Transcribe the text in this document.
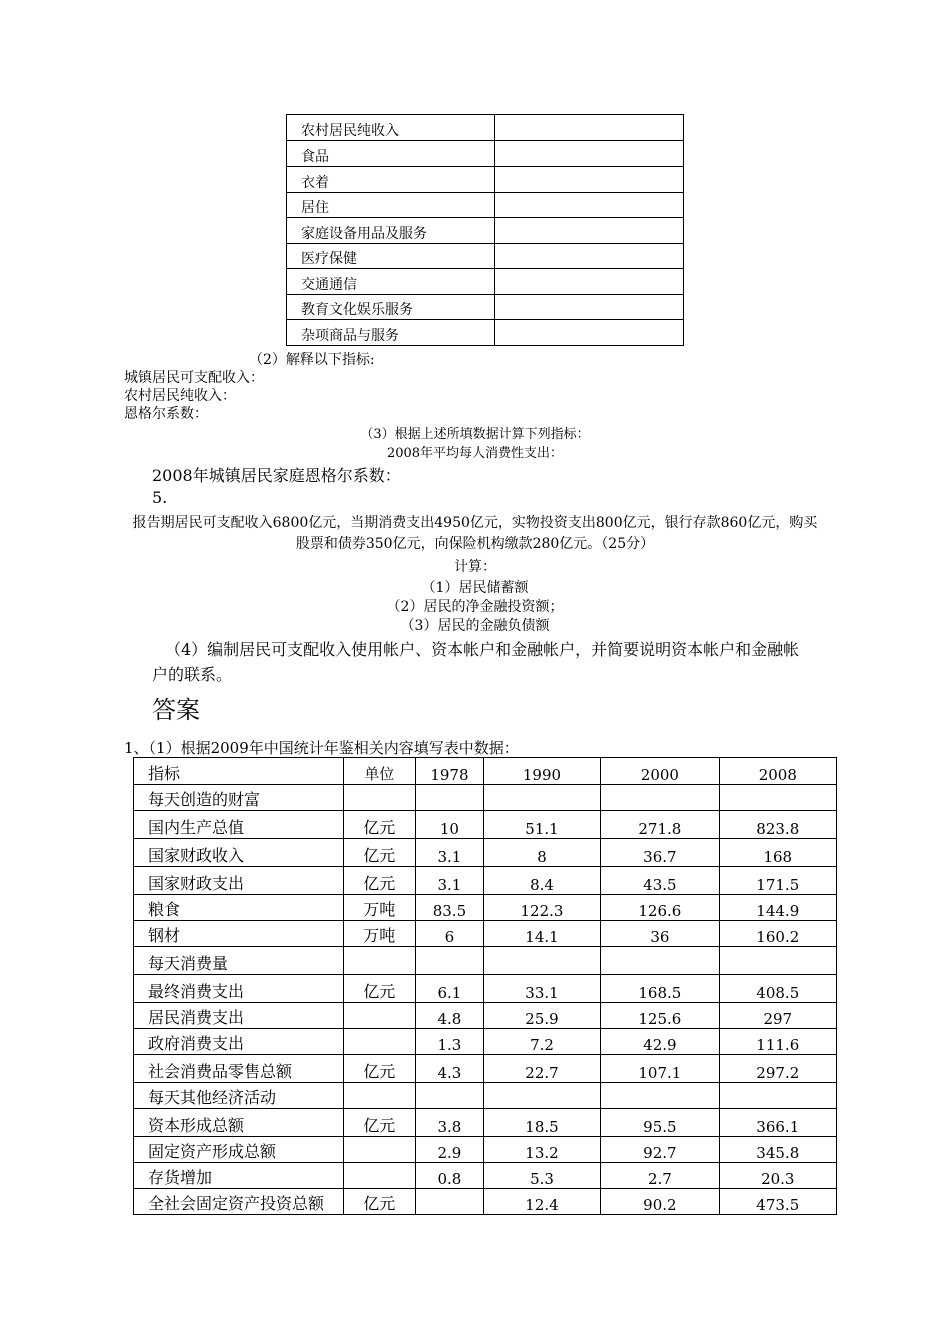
农村居民纯收入	
食品	
衣着	
居住	
家庭设备用品及服务	
医疗保健	
交通通信	
教育文化娱乐服务	
杂项商品与服务	
（2）解释以下指标:
城镇居民可支配收入：
农村居民纯收入：
恩格尔系数：
（3）根据上述所填数据计算下列指标：
2008年平均每人消费性支出：
2008年城镇居民家庭恩格尔系数：
5.
报告期居民可支配收入6800亿元，当期消费支出4950亿元，实物投资支出800亿元，银行存款860亿元，购买
股票和债券350亿元，向保险机构缴款280亿元。（25分）
计算：
（1）居民储蓄额
（2）居民的净金融投资额；
（3）居民的金融负债额
（4）编制居民可支配收入使用帐户、资本帐户和金融帐户，并简要说明资本帐户和金融帐
户的联系。
答案
1、（1）根据2009年中国统计年鉴相关内容填写表中数据：
指标	单位	1978	1990	2000	2008
每天创造的财富					
国内生产总值	亿元	10	51.1	271.8	823.8
国家财政收入	亿元	3.1	8	36.7	168
国家财政支出	亿元	3.1	8.4	43.5	171.5
粮食	万吨	83.5	122.3	126.6	144.9
钢材	万吨	6	14.1	36	160.2
每天消费量					
最终消费支出	亿元	6.1	33.1	168.5	408.5
居民消费支出		4.8	25.9	125.6	297
政府消费支出		1.3	7.2	42.9	111.6
社会消费品零售总额	亿元	4.3	22.7	107.1	297.2
每天其他经济活动					
资本形成总额	亿元	3.8	18.5	95.5	366.1
固定资产形成总额		2.9	13.2	92.7	345.8
存货增加		0.8	5.3	2.7	20.3
全社会固定资产投资总额	亿元		12.4	90.2	473.5
